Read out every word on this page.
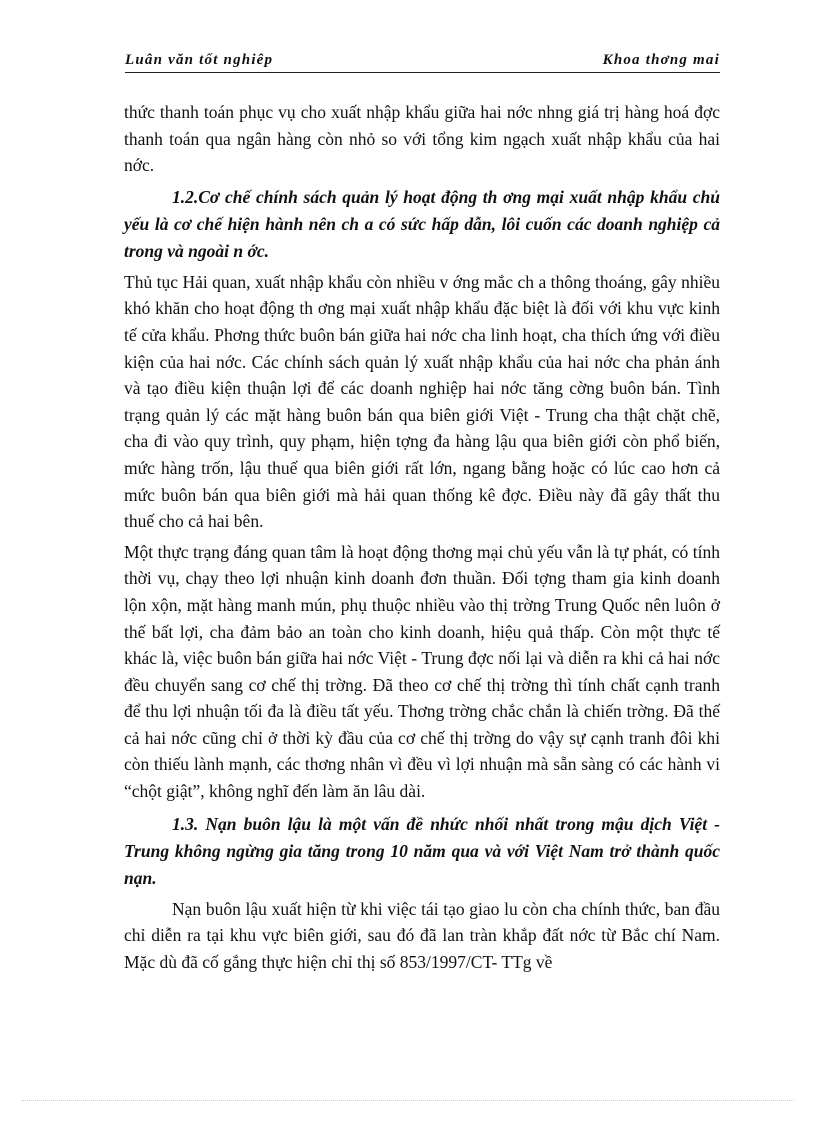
Luân văn tốt nghiêp	Khoa thơng mai

thức thanh toán phục vụ cho xuất nhập khẩu giữa hai nớc nhng giá trị hàng hoá đợc thanh toán qua ngân hàng còn nhỏ so với tổng kim ngạch xuất nhập khẩu của hai nớc.

1.2.Cơ chế chính sách quản lý hoạt động th ơng mại xuất nhập khẩu chủ yếu là cơ chế hiện hành nên ch a có sức hấp dẫn, lôi cuốn các doanh nghiệp cả trong và ngoài n ớc.

Thủ tục Hải quan, xuất nhập khẩu còn nhiều v ớng mắc ch a thông thoáng, gây nhiều khó khăn cho hoạt động th ơng mại xuất nhập khẩu đặc biệt là đối với khu vực kinh tế cửa khẩu. Phơng thức buôn bán giữa hai nớc cha linh hoạt, cha thích ứng với điều kiện của hai nớc. Các chính sách quản lý xuất nhập khẩu của hai nớc cha phản ánh và tạo điều kiện thuận lợi để các doanh nghiệp hai nớc tăng cờng buôn bán. Tình trạng quản lý các mặt hàng buôn bán qua biên giới Việt - Trung cha thật chặt chẽ, cha đi vào quy trình, quy phạm, hiện tợng đa hàng lậu qua biên giới còn phổ biến, mức hàng trốn, lậu thuế qua biên giới rất lớn, ngang bằng hoặc có lúc cao hơn cả mức buôn bán qua biên giới mà hải quan thống kê đợc. Điều này đã gây thất thu thuế cho cả hai bên.

Một thực trạng đáng quan tâm là hoạt động thơng mại chủ yếu vẫn là tự phát, có tính thời vụ, chạy theo lợi nhuận kinh doanh đơn thuần. Đối tợng tham gia kinh doanh lộn xộn, mặt hàng manh mún, phụ thuộc nhiều vào thị trờng Trung Quốc nên luôn ở thế bất lợi, cha đảm bảo an toàn cho kinh doanh, hiệu quả thấp. Còn một thực tế khác là, việc buôn bán giữa hai nớc Việt - Trung đợc nối lại và diễn ra khi cả hai nớc đều chuyển sang cơ chế thị trờng. Đã theo cơ chế thị trờng thì tính chất cạnh tranh để thu lợi nhuận tối đa là điều tất yếu. Thơng trờng chắc chắn là chiến trờng. Đã thế cả hai nớc cũng chỉ ở thời kỳ đầu của cơ chế thị trờng do vậy sự cạnh tranh đôi khi còn thiếu lành mạnh, các thơng nhân vì đều vì lợi nhuận mà sẵn sàng có các hành vi “chột giật”, không nghĩ đến làm ăn lâu dài.

1.3. Nạn buôn lậu là một vấn đề nhức nhối nhất trong mậu dịch Việt - Trung không ngừng gia tăng trong 10 năm qua và với Việt Nam trở thành quốc nạn.

Nạn buôn lậu xuất hiện từ khi việc tái tạo giao lu còn cha chính thức, ban đầu chỉ diễn ra tại khu vực biên giới, sau đó đã lan tràn khắp đất nớc từ Bắc chí Nam. Mặc dù đã cố gắng thực hiện chỉ thị số 853/1997/CT- TTg về
